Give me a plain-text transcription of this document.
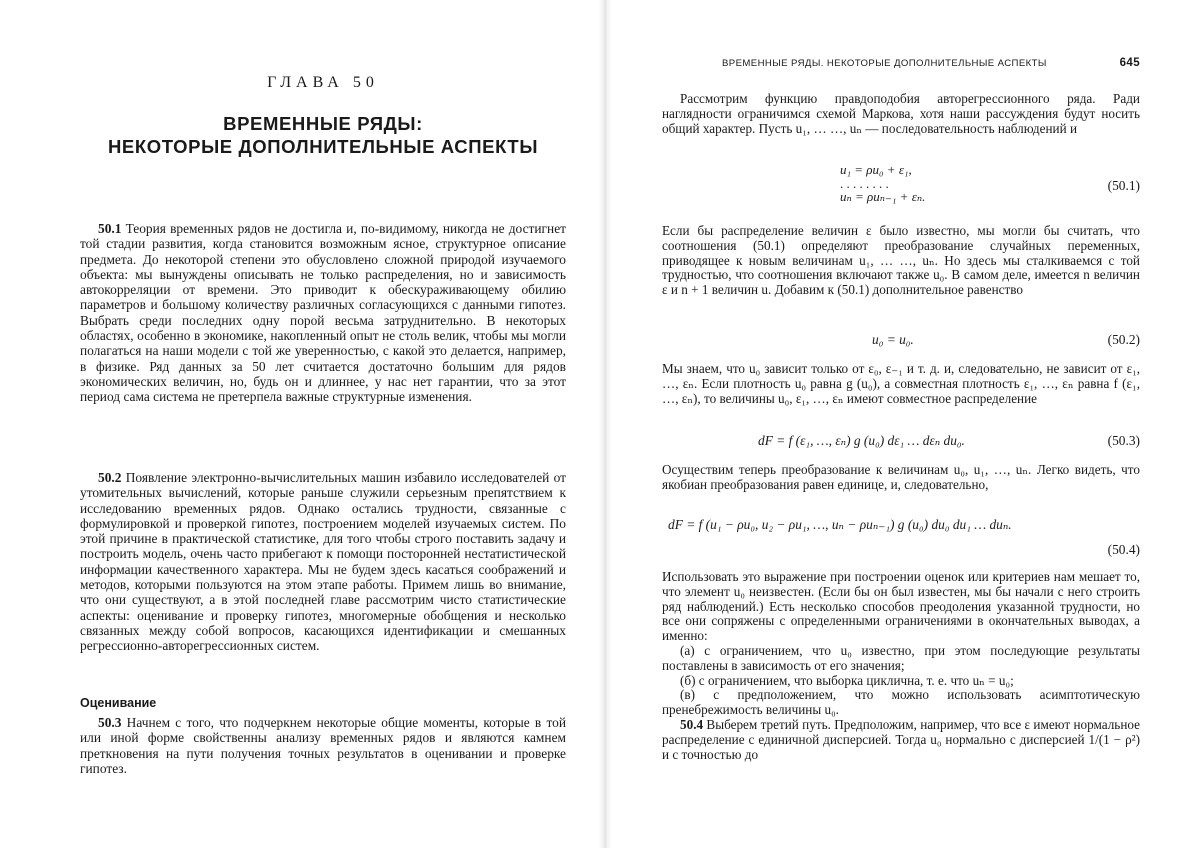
ГЛАВА 50
ВРЕМЕННЫЕ РЯДЫ:
НЕКОТОРЫЕ ДОПОЛНИТЕЛЬНЫЕ АСПЕКТЫ

50.1 Теория временных рядов не достигла и, по-видимому, никогда не достигнет той стадии развития, когда становится возможным ясное, структурное описание предмета. До некоторой степени это обусловлено сложной природой изучаемого объекта: мы вынуждены описывать не только распределения, но и зависимость автокорреляции от времени. Это приводит к обескураживающему обилию параметров и большому количеству различных согласующихся с данными гипотез. Выбрать среди последних одну порой весьма затруднительно. В некоторых областях, особенно в экономике, накопленный опыт не столь велик, чтобы мы могли полагаться на наши модели с той же уверенностью, с какой это делается, например, в физике. Ряд данных за 50 лет считается достаточно большим для рядов экономических величин, но, будь он и длиннее, у нас нет гарантии, что за этот период сама система не претерпела важные структурные изменения.

50.2 Появление электронно-вычислительных машин избавило исследователей от утомительных вычислений, которые раньше служили серьезным препятствием к исследованию временных рядов. Однако остались трудности, связанные с формулировкой и проверкой гипотез, построением моделей изучаемых систем. По этой причине в практической статистике, для того чтобы строго поставить задачу и построить модель, очень часто прибегают к помощи посторонней нестатистической информации качественного характера. Мы не будем здесь касаться соображений и методов, которыми пользуются на этом этапе работы. Примем лишь во внимание, что они существуют, а в этой последней главе рассмотрим чисто статистические аспекты: оценивание и проверку гипотез, многомерные обобщения и несколько связанных между собой вопросов, касающихся идентификации и смешанных регрессионно-авторегрессионных систем.

Оценивание

50.3 Начнем с того, что подчеркнем некоторые общие моменты, которые в той или иной форме свойственны анализу временных рядов и являются камнем преткновения на пути получения точных результатов в оценивании и проверке гипотез.

ВРЕМЕННЫЕ РЯДЫ. НЕКОТОРЫЕ ДОПОЛНИТЕЛЬНЫЕ АСПЕКТЫ	645

Рассмотрим функцию правдоподобия авторегрессионного ряда. Ради наглядности ограничимся схемой Маркова, хотя наши рассуждения будут носить общий характер. Пусть u₁, … …, uₙ — последовательность наблюдений и

u₁ = ρu₀ + ε₁,
. . . . . . . .
uₙ = ρuₙ₋₁ + εₙ.
(50.1)

Если бы распределение величин ε было известно, мы могли бы считать, что соотношения (50.1) определяют преобразование случайных переменных, приводящее к новым величинам u₁, … …, uₙ. Но здесь мы сталкиваемся с той трудностью, что соотношения включают также u₀. В самом деле, имеется n величин ε и n + 1 величин u. Добавим к (50.1) дополнительное равенство

u₀ = u₀.	(50.2)

Мы знаем, что u₀ зависит только от ε₀, ε₋₁ и т. д. и, следовательно, не зависит от ε₁, …, εₙ. Если плотность u₀ равна g (u₀), а совместная плотность ε₁, …, εₙ равна f (ε₁, …, εₙ), то величины u₀, ε₁, …, εₙ имеют совместное распределение

dF = f (ε₁, …, εₙ) g (u₀) dε₁ … dεₙ du₀.	(50.3)

Осуществим теперь преобразование к величинам u₀, u₁, …, uₙ. Легко видеть, что якобиан преобразования равен единице, и, следовательно,

dF = f (u₁ − ρu₀, u₂ − ρu₁, …, uₙ − ρuₙ₋₁) g (u₀) du₀ du₁ … duₙ.
(50.4)

Использовать это выражение при построении оценок или критериев нам мешает то, что элемент u₀ неизвестен. (Если бы он был известен, мы бы начали с него строить ряд наблюдений.) Есть несколько способов преодоления указанной трудности, но все они сопряжены с определенными ограничениями в окончательных выводах, а именно:

(а) с ограничением, что u₀ известно, при этом последующие результаты поставлены в зависимость от его значения;

(б) с ограничением, что выборка циклична, т. е. что uₙ = u₀;

(в) с предположением, что можно использовать асимптотическую пренебрежимость величины u₀.

50.4 Выберем третий путь. Предположим, например, что все ε имеют нормальное распределение с единичной дисперсией. Тогда u₀ нормально с дисперсией 1/(1 − ρ²) и с точностью до
